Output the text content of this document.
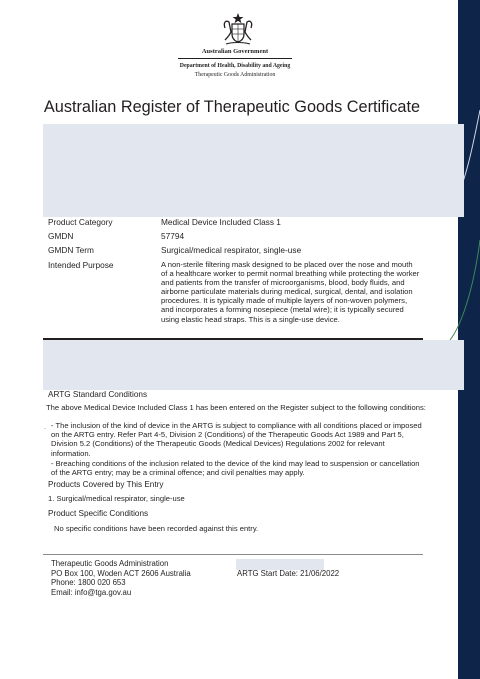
Australian Government
Department of Health, Disability and Ageing
Therapeutic Goods Administration
Australian Register of Therapeutic Goods Certificate
Product Category	Medical Device Included Class 1
GMDN	57794
GMDN Term	Surgical/medical respirator, single-use
Intended Purpose	A non-sterile filtering mask designed to be placed over the nose and mouth of a healthcare worker to permit normal breathing while protecting the worker and patients from the transfer of microorganisms, blood, body fluids, and airborne particulate materials during medical, surgical, dental, and isolation procedures. It is typically made of multiple layers of non-woven polymers, and incorporates a forming nosepiece (metal wire); it is typically secured using elastic head straps. This is a single-use device.

ARTG Standard Conditions

The above Medical Device Included Class 1 has been entered on the Register subject to the following conditions:

· - The inclusion of the kind of device in the ARTG is subject to compliance with all conditions placed or imposed on the ARTG entry. Refer Part 4-5, Division 2 (Conditions) of the Therapeutic Goods Act 1989 and Part 5, Division 5.2 (Conditions) of the Therapeutic Goods (Medical Devices) Regulations 2002 for relevant information.

- Breaching conditions of the inclusion related to the device of the kind may lead to suspension or cancellation of the ARTG entry; may be a criminal offence; and civil penalties may apply.

Products Covered by This Entry
1. Surgical/medical respirator, single-use
Product Specific Conditions
No specific conditions have been recorded against this entry.
Therapeutic Goods Administration
PO Box 100, Woden ACT 2606 Australia
Phone: 1800 020 653
Email: info@tga.gov.au
ARTG Start Date: 21/06/2022
